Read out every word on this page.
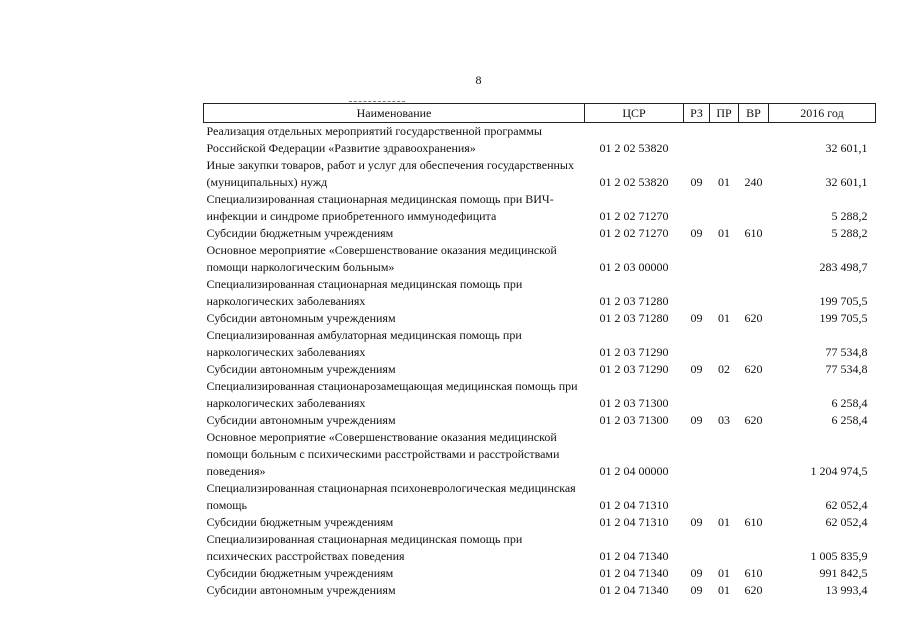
8
Наименование	ЦСР	РЗ	ПР	ВР	2016 год
Реализация отдельных мероприятий государственной программы Российской Федерации «Развитие здравоохранения»	01 2 02 53820				32 601,1
Иные закупки товаров, работ и услуг для обеспечения государственных (муниципальных) нужд	01 2 02 53820	09	01	240	32 601,1
Специализированная стационарная медицинская помощь при ВИЧ-инфекции и синдроме приобретенного иммунодефицита	01 2 02 71270				5 288,2
Субсидии бюджетным учреждениям	01 2 02 71270	09	01	610	5 288,2
Основное мероприятие «Совершенствование оказания медицинской помощи наркологическим больным»	01 2 03 00000				283 498,7
Специализированная стационарная медицинская помощь при наркологических заболеваниях	01 2 03 71280				199 705,5
Субсидии автономным учреждениям	01 2 03 71280	09	01	620	199 705,5
Специализированная амбулаторная медицинская помощь при наркологических заболеваниях	01 2 03 71290				77 534,8
Субсидии автономным учреждениям	01 2 03 71290	09	02	620	77 534,8
Специализированная стационарозамещающая медицинская помощь при наркологических заболеваниях	01 2 03 71300				6 258,4
Субсидии автономным учреждениям	01 2 03 71300	09	03	620	6 258,4
Основное мероприятие «Совершенствование оказания медицинской помощи больным с психическими расстройствами и расстройствами поведения»	01 2 04 00000				1 204 974,5
Специализированная стационарная психоневрологическая медицинская помощь	01 2 04 71310				62 052,4
Субсидии бюджетным учреждениям	01 2 04 71310	09	01	610	62 052,4
Специализированная стационарная медицинская помощь при психических расстройствах поведения	01 2 04 71340				1 005 835,9
Субсидии бюджетным учреждениям	01 2 04 71340	09	01	610	991 842,5
Субсидии автономным учреждениям	01 2 04 71340	09	01	620	13 993,4
